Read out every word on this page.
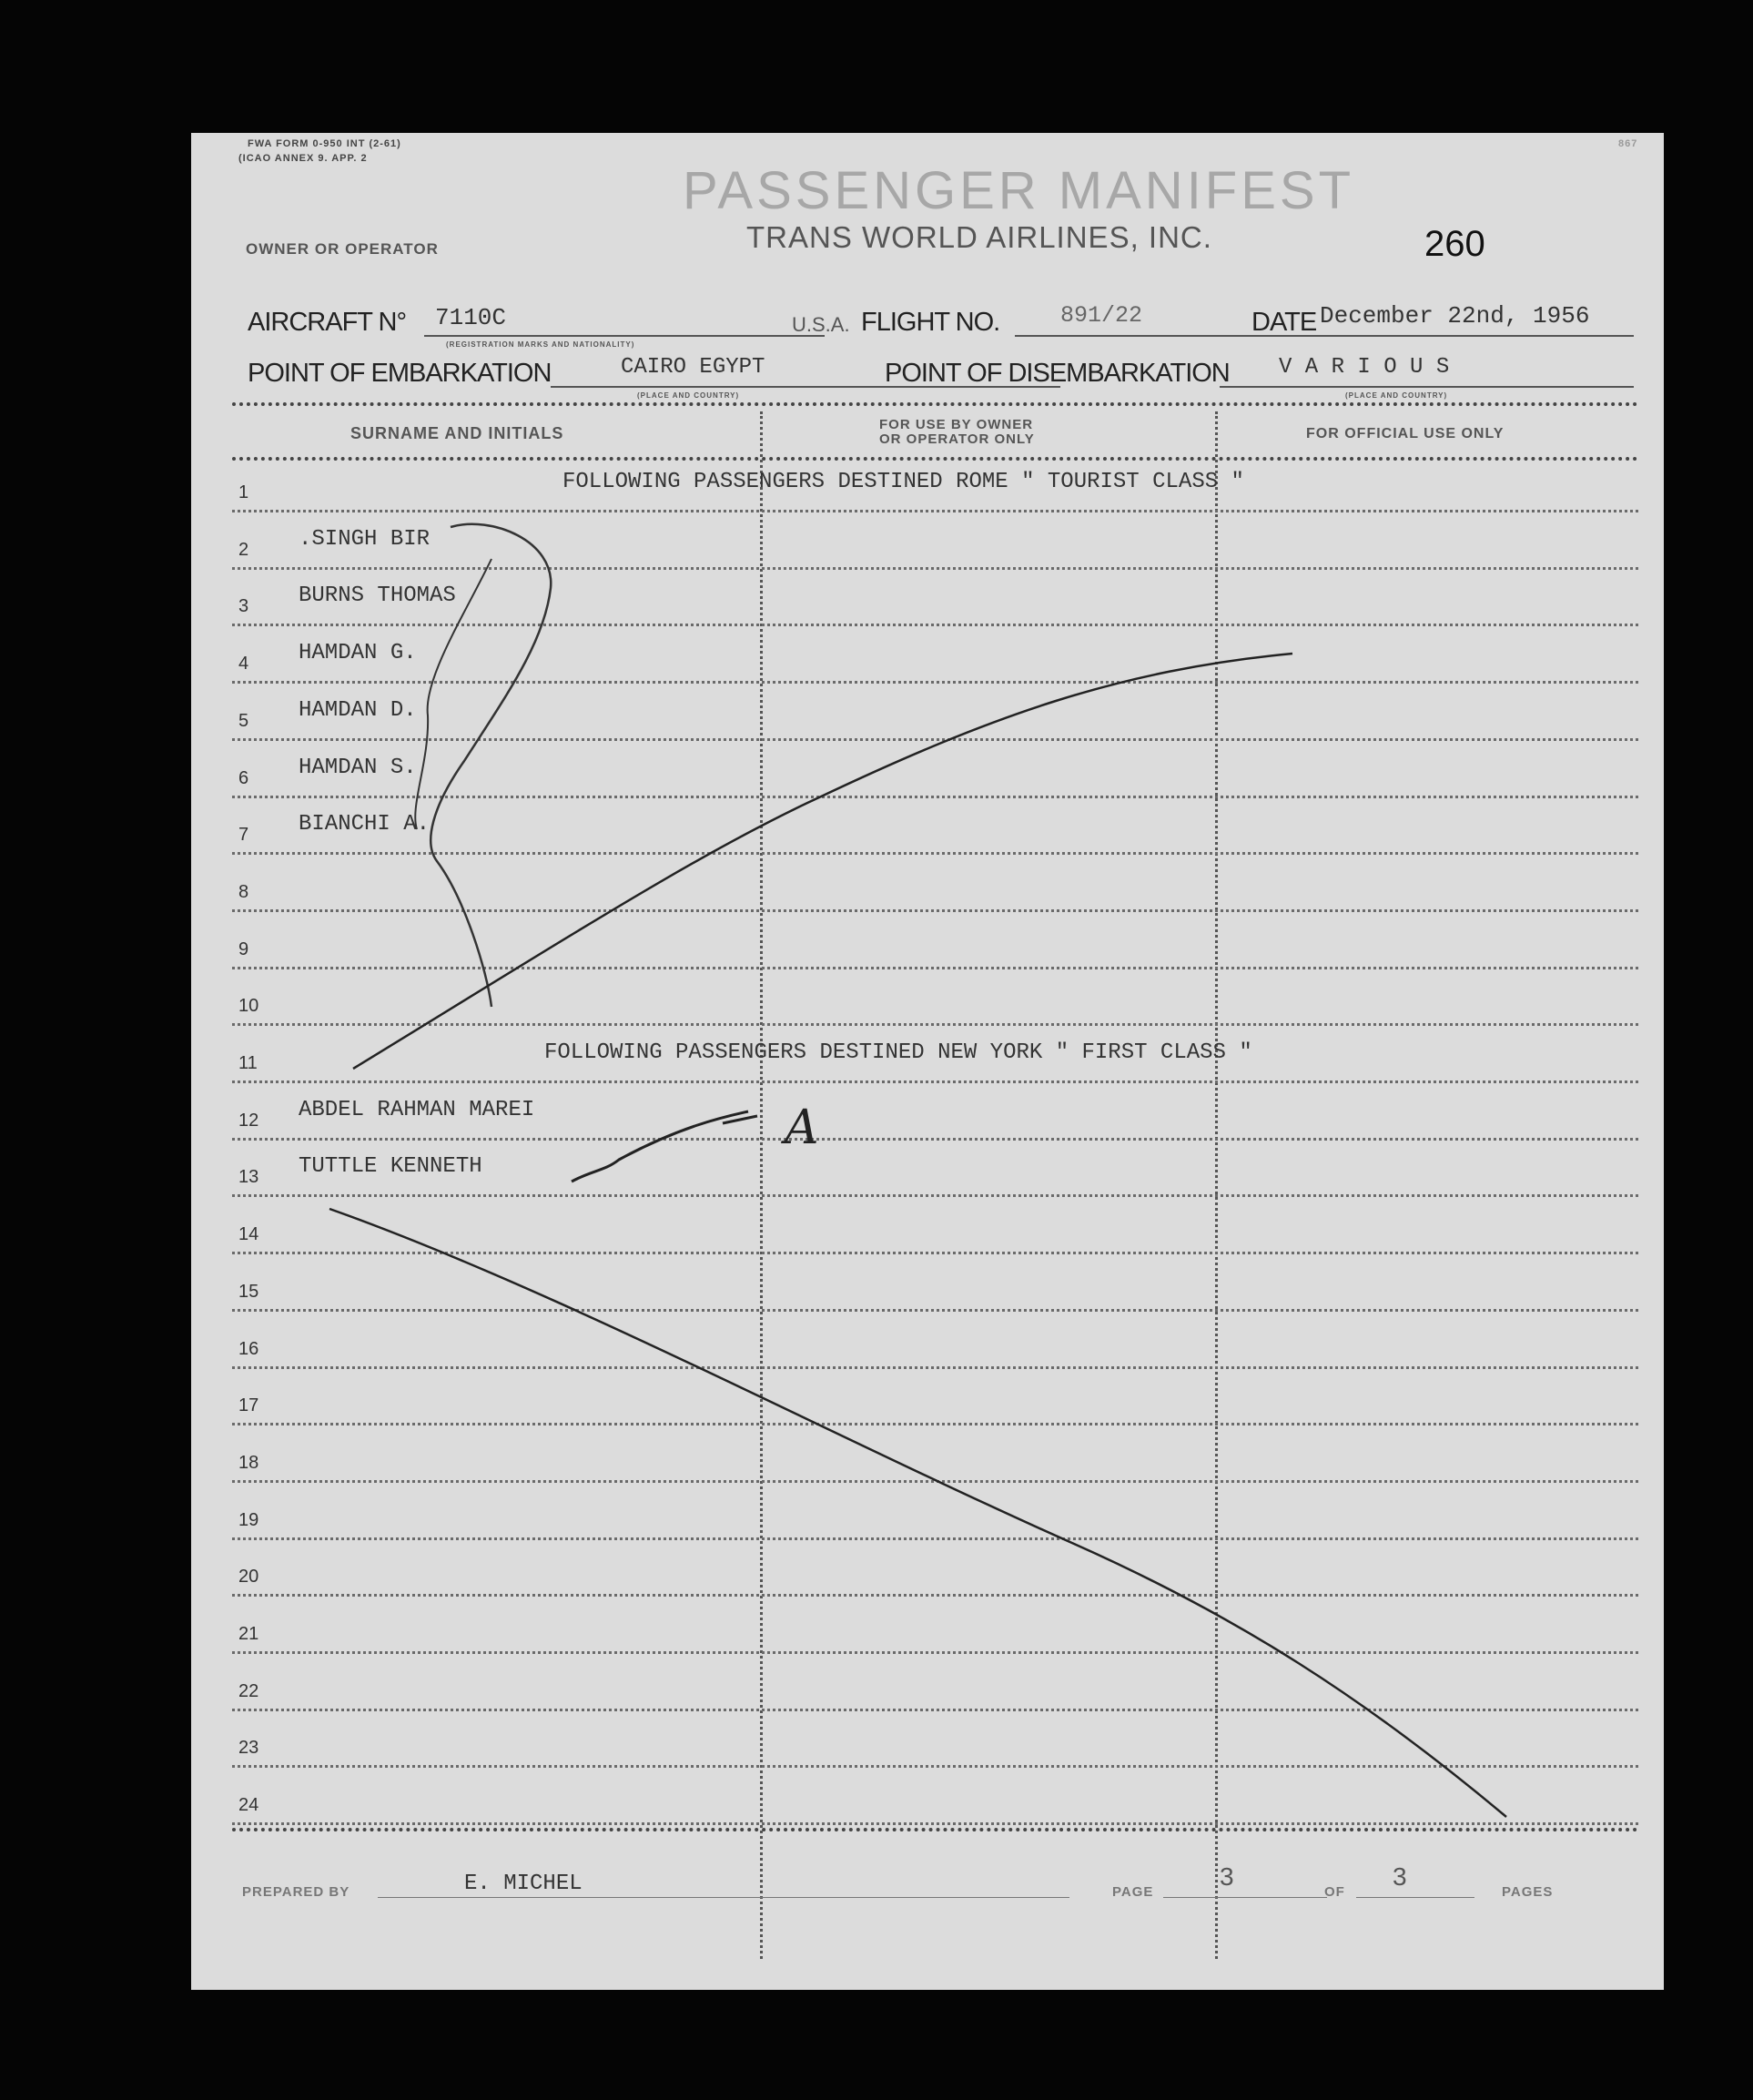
FWA FORM 0-950 INT (2-61)
(ICAO ANNEX 9. APP. 2
867
PASSENGER MANIFEST
OWNER OR OPERATOR	TRANS WORLD AIRLINES, INC.	260
AIRCRAFT N° 7110C
(REGISTRATION MARKS AND NATIONALITY)
U.S.A. FLIGHT NO.	891/22	DATE December 22nd, 1956
POINT OF EMBARKATION	CAIRO EGYPT
(PLACE AND COUNTRY)
POINT OF DISEMBARKATION V A R I O U S
(PLACE AND COUNTRY)
SURNAME AND INITIALS	FOR USE BY OWNER
OR OPERATOR ONLY	FOR OFFICIAL USE ONLY
1	FOLLOWING PASSENGERS DESTINED ROME " TOURIST CLASS "
2	.SINGH BIR
3	BURNS THOMAS
4	HAMDAN G.
5	HAMDAN D.
6	HAMDAN S.
7	BIANCHI A.
8
9
10
11	FOLLOWING PASSENGERS DESTINED NEW YORK " FIRST CLASS "
12	ABDEL RAHMAN MAREI
13	TUTTLE KENNETH
14
15
16
17
18
19
20
21
22
23
24
PREPARED BY	E. MICHEL	PAGE
3
OF
3
PAGES
A
